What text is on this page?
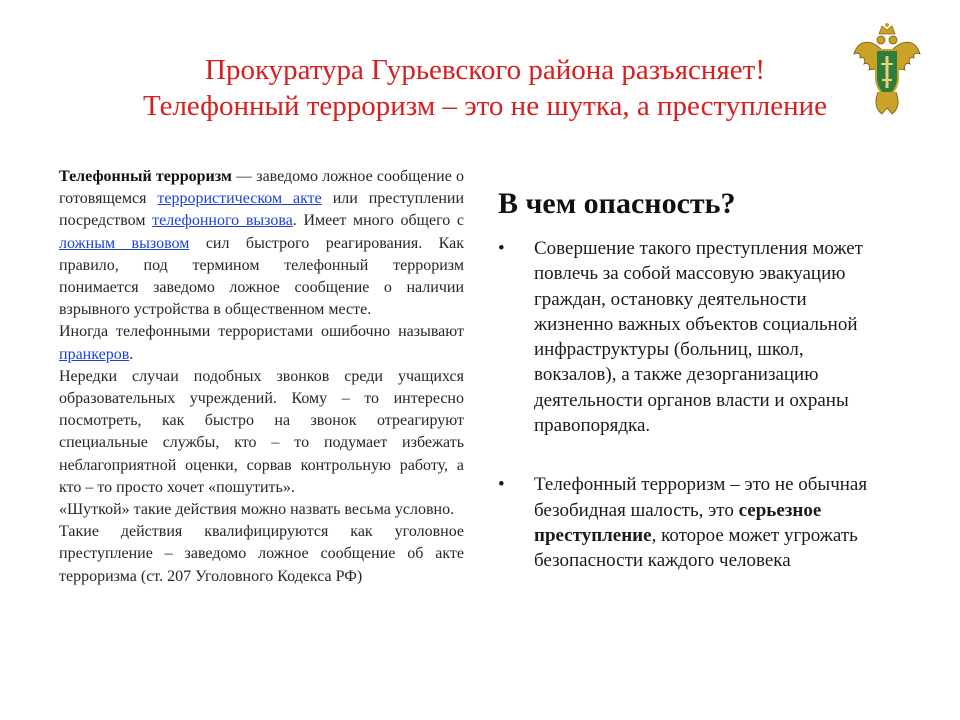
Прокуратура Гурьевского района разъясняет!
Телефонный терроризм – это не шутка, а преступление

Телефонный терроризм — заведомо ложное сообщение о готовящемся террористическом акте или преступлении посредством телефонного вызова. Имеет много общего с ложным вызовом сил быстрого реагирования. Как правило, под термином телефонный терроризм понимается заведомо ложное сообщение о наличии взрывного устройства в общественном месте.

Иногда телефонными террористами ошибочно называют пранкеров.

Нередки случаи подобных звонков среди учащихся образовательных учреждений. Кому – то интересно посмотреть, как быстро на звонок отреагируют специальные службы, кто – то подумает избежать неблагоприятной оценки, сорвав контрольную работу, а кто – то просто хочет «пошутить».

«Шуткой» такие действия можно назвать весьма условно.

Такие действия квалифицируются как уголовное преступление – заведомо ложное сообщение об акте терроризма (ст. 207 Уголовного Кодекса РФ)

В чем опасность?
• Совершение такого преступления может повлечь за собой массовую эвакуацию граждан, остановку деятельности жизненно важных объектов социальной инфраструктуры (больниц, школ, вокзалов), а также дезорганизацию деятельности органов власти и охраны правопорядка.
• Телефонный терроризм – это не обычная безобидная шалость, это серьезное преступление, которое может угрожать безопасности каждого человека
